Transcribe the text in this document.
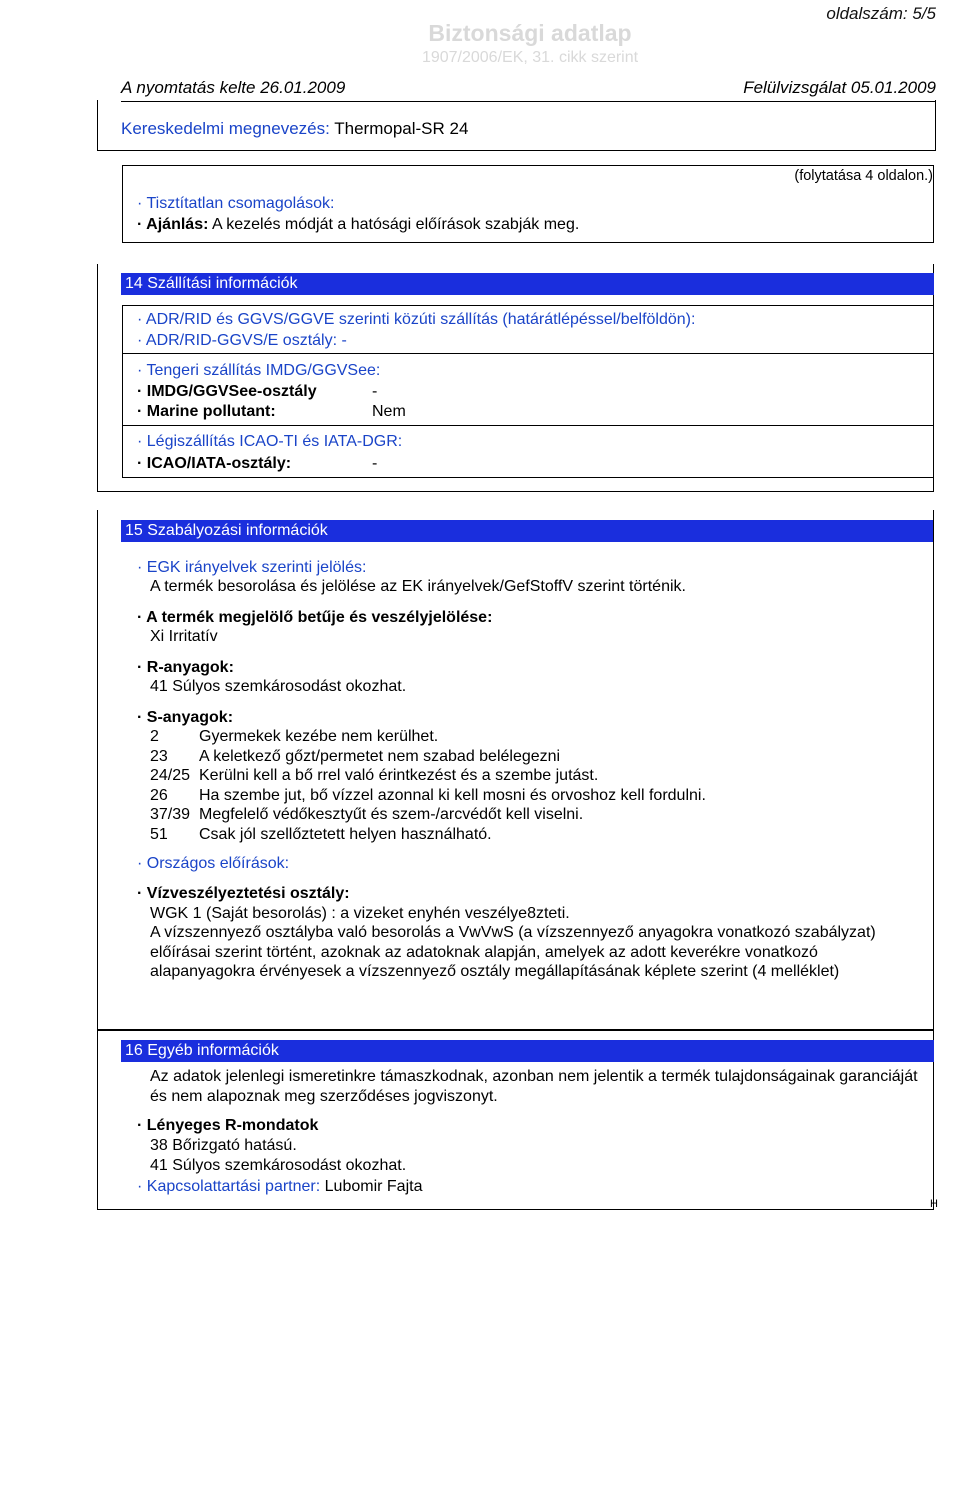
oldalszám: 5/5
Biztonsági adatlap
1907/2006/EK, 31. cikk szerint
A nyomtatás kelte 26.01.2009	Felülvizsgálat 05.01.2009
Kereskedelmi megnevezés: Thermopal-SR 24
(folytatása 4 oldalon.)
· Tisztítatlan csomagolások:
· Ajánlás: A kezelés módját a hatósági előírások szabják meg.
14 Szállítási információk
· ADR/RID és GGVS/GGVE szerinti közúti szállítás (határátlépéssel/belföldön):
· ADR/RID-GGVS/E osztály: -
· Tengeri szállítás IMDG/GGVSee:
· IMDG/GGVSee-osztály	-
· Marine pollutant:	Nem
· Légiszállítás ICAO-TI és IATA-DGR:
· ICAO/IATA-osztály:	-
15 Szabályozási információk
· EGK irányelvek szerinti jelölés:
A termék besorolása és jelölése az EK irányelvek/GefStoffV szerint történik.
· A termék megjelölő betűje és veszélyjelölése:
Xi Irritatív
· R-anyagok:
41 Súlyos szemkárosodást okozhat.
· S-anyagok:
2	Gyermekek kezébe nem kerülhet.
23 A keletkező gőzt/permetet nem szabad belélegezni
24/25 Kerülni kell a bő rrel való érintkezést és a szembe jutást.
26 Ha szembe jut, bő vízzel azonnal ki kell mosni és orvoshoz kell fordulni.
37/39 Megfelelő védőkesztyűt és szem-/arcvédőt kell viselni.
51 Csak jól szellőztetett helyen használható.
· Országos előírások:
· Vízveszélyeztetési osztály:
WGK 1 (Saját besorolás) : a vizeket enyhén veszélye8zteti.
A vízszennyező osztályba való besorolás a VwVwS (a vízszennyező anyagokra vonatkozó szabályzat) előírásai szerint történt, azoknak az adatoknak alapján, amelyek az adott keverékre vonatkozó alapanyagokra érvényesek a vízszennyező osztály megállapításának képlete szerint (4 melléklet)
16 Egyéb információk
Az adatok jelenlegi ismeretinkre támaszkodnak, azonban nem jelentik a termék tulajdonságainak garanciáját és nem alapoznak meg szerződéses jogviszonyt.
· Lényeges R-mondatok
38 Bőrizgató hatású.
41 Súlyos szemkárosodást okozhat.
· Kapcsolattartási partner: Lubomir Fajta
H
